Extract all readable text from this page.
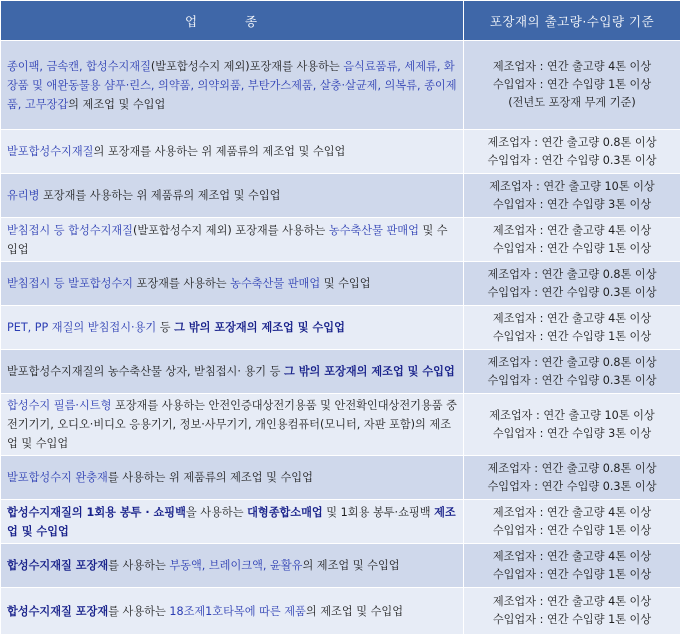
업 종	포장재의 출고량·수입량 기준
종이팩, 금속캔, 합성수지재질(발포합성수지 제외)포장재를 사용하는 음식료품류, 세제류, 화장품 및 애완동물용 샴푸·린스, 의약품, 의약외품, 부탄가스제품, 살충·살균제, 의복류, 종이제품, 고무장갑의 제조업 및 수입업	제조업자 : 연간 출고량 4톤 이상
수입업자 : 연간 수입량 1톤 이상
(전년도 포장재 무게 기준)

발포합성수지재질의 포장재를 사용하는 위 제품류의 제조업 및 수입업	제조업자 : 연간 출고량 0.8톤 이상
수입업자 : 연간 수입량 0.3톤 이상

유리병 포장재를 사용하는 위 제품류의 제조업 및 수입업	제조업자 : 연간 출고량 10톤 이상
수입업자 : 연간 수입량 3톤 이상

받침접시 등 합성수지재질(발포합성수지 제외) 포장재를 사용하는 농수축산물 판매업 및 수입업	제조업자 : 연간 출고량 4톤 이상
수입업자 : 연간 수입량 1톤 이상

받침접시 등 발포합성수지 포장재를 사용하는 농수축산물 판매업 및 수입업	제조업자 : 연간 출고량 0.8톤 이상
수입업자 : 연간 수입량 0.3톤 이상

PET, PP 재질의 받침접시·용기 등 그 밖의 포장재의 제조업 및 수입업	제조업자 : 연간 출고량 4톤 이상
수입업자 : 연간 수입량 1톤 이상

발포합성수지재질의 농수축산물 상자, 받침접시· 용기 등 그 밖의 포장재의 제조업 및 수입업	제조업자 : 연간 출고량 0.8톤 이상
수입업자 : 연간 수입량 0.3톤 이상

합성수지 필름·시트형 포장재를 사용하는 안전인증대상전기용품 및 안전확인대상전기용품 중 전기기기, 오디오·비디오 응용기기, 정보·사무기기, 개인용컴퓨터(모니터, 자판 포함)의 제조업 및 수입업	제조업자 : 연간 출고량 10톤 이상
수입업자 : 연간 수입량 3톤 이상

발포합성수지 완충재를 사용하는 위 제품류의 제조업 및 수입업	제조업자 : 연간 출고량 0.8톤 이상
수입업자 : 연간 수입량 0.3톤 이상

합성수지재질의 1회용 봉투 · 쇼핑백을 사용하는 대형종합소매업 및 1회용 봉투·쇼핑백 제조업 및 수입업	제조업자 : 연간 출고량 4톤 이상
수입업자 : 연간 수입량 1톤 이상

합성수지재질 포장재를 사용하는 부동액, 브레이크액, 윤활유의 제조업 및 수입업	제조업자 : 연간 출고량 4톤 이상
수입업자 : 연간 수입량 1톤 이상

합성수지재질 포장재를 사용하는 18조제1호타목에 따른 제품의 제조업 및 수입업	제조업자 : 연간 출고량 4톤 이상
수입업자 : 연간 수입량 1톤 이상
